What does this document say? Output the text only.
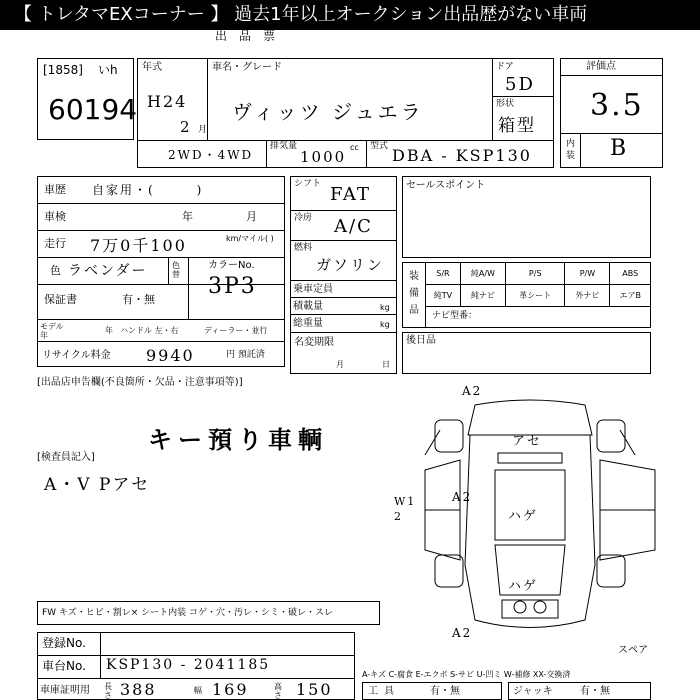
【 トレタマEXコーナー 】 過去1年以上オークション出品歴がない車両
出品票
[1858] いh
60194
年式
H24
2 月
車名・グレード
ヴィッツ ジュエラ
ドア
5D
形状
箱型
2WD・4WD
排気量
1000
cc 型式 DBA - KSP130
評価点
3.5
内装 B
車歴 自家用・(　　　)
車検	年	月
走行 7万0千100	km/マイル( )
色 ラベンダー	色替
カラーNo.
3P3
保証書	有・無
モデル年
年 ハンドル 左・右	ディーラー・並行
リサイクル料金 9940	円 預託済
シフト FAT
冷房 A/C
燃料
ガソリン
乗車定員
積載量	kg
総重量	kg
名変期限
月	日
セールスポイント
装備品
S/R	純A/W	P/S	P/W	ABS
純TV	純ナビ	革シート	外ナビ	エアB
ナビ型番：
後日品
[出品店申告欄(不良箇所・欠品・注意事項等)]
キー預り車輌
[検査員記入]
A・V Pアセ
A2
アセ
W1
2
A2
ハゲ
ハゲ
A2
スペア
FW キズ・ヒビ・割レ× シート内装 コゲ・穴・汚レ・シミ・破レ・スレ
登録No.
車台No. KSP130 - 2041185
車庫証明用 長さ 388	幅 169	高さ 150
A-キズ C-腐食 E-エクボ S-サビ U-凹ミ W-補修 XX-交換済
工具	有・無	ジャッキ	有・無
